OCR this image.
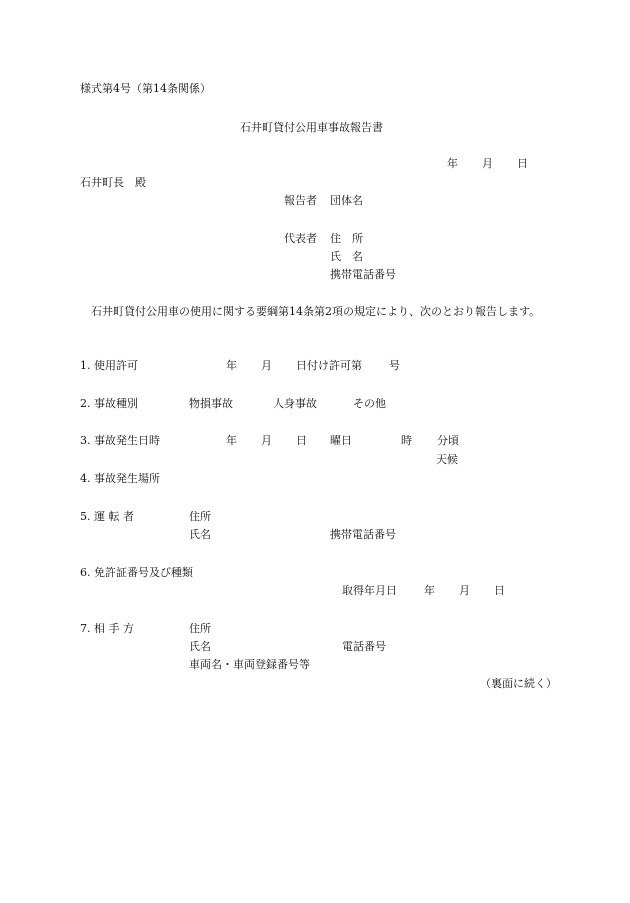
様式第4号（第14条関係）
石井町貸付公用車事故報告書
年 月 日
石井町長　殿
報告者 団体名
代表者 住　所
氏　名
携帯電話番号
石井町貸付公用車の使用に関する要綱第14条第2項の規定により、次のとおり報告します。
1. 使用許可	年 月 日付け許可第 号
2. 事故種別	物損事故	人身事故	その他
3. 事故発生日時	年 月 日 曜日	時 分頃
天候
4. 事故発生場所
5. 運 転 者	住所
氏名	携帯電話番号
6. 免許証番号及び種類
取得年月日 年 月 日
7. 相 手 方	住所
氏名	電話番号
車両名・車両登録番号等
（裏面に続く）
